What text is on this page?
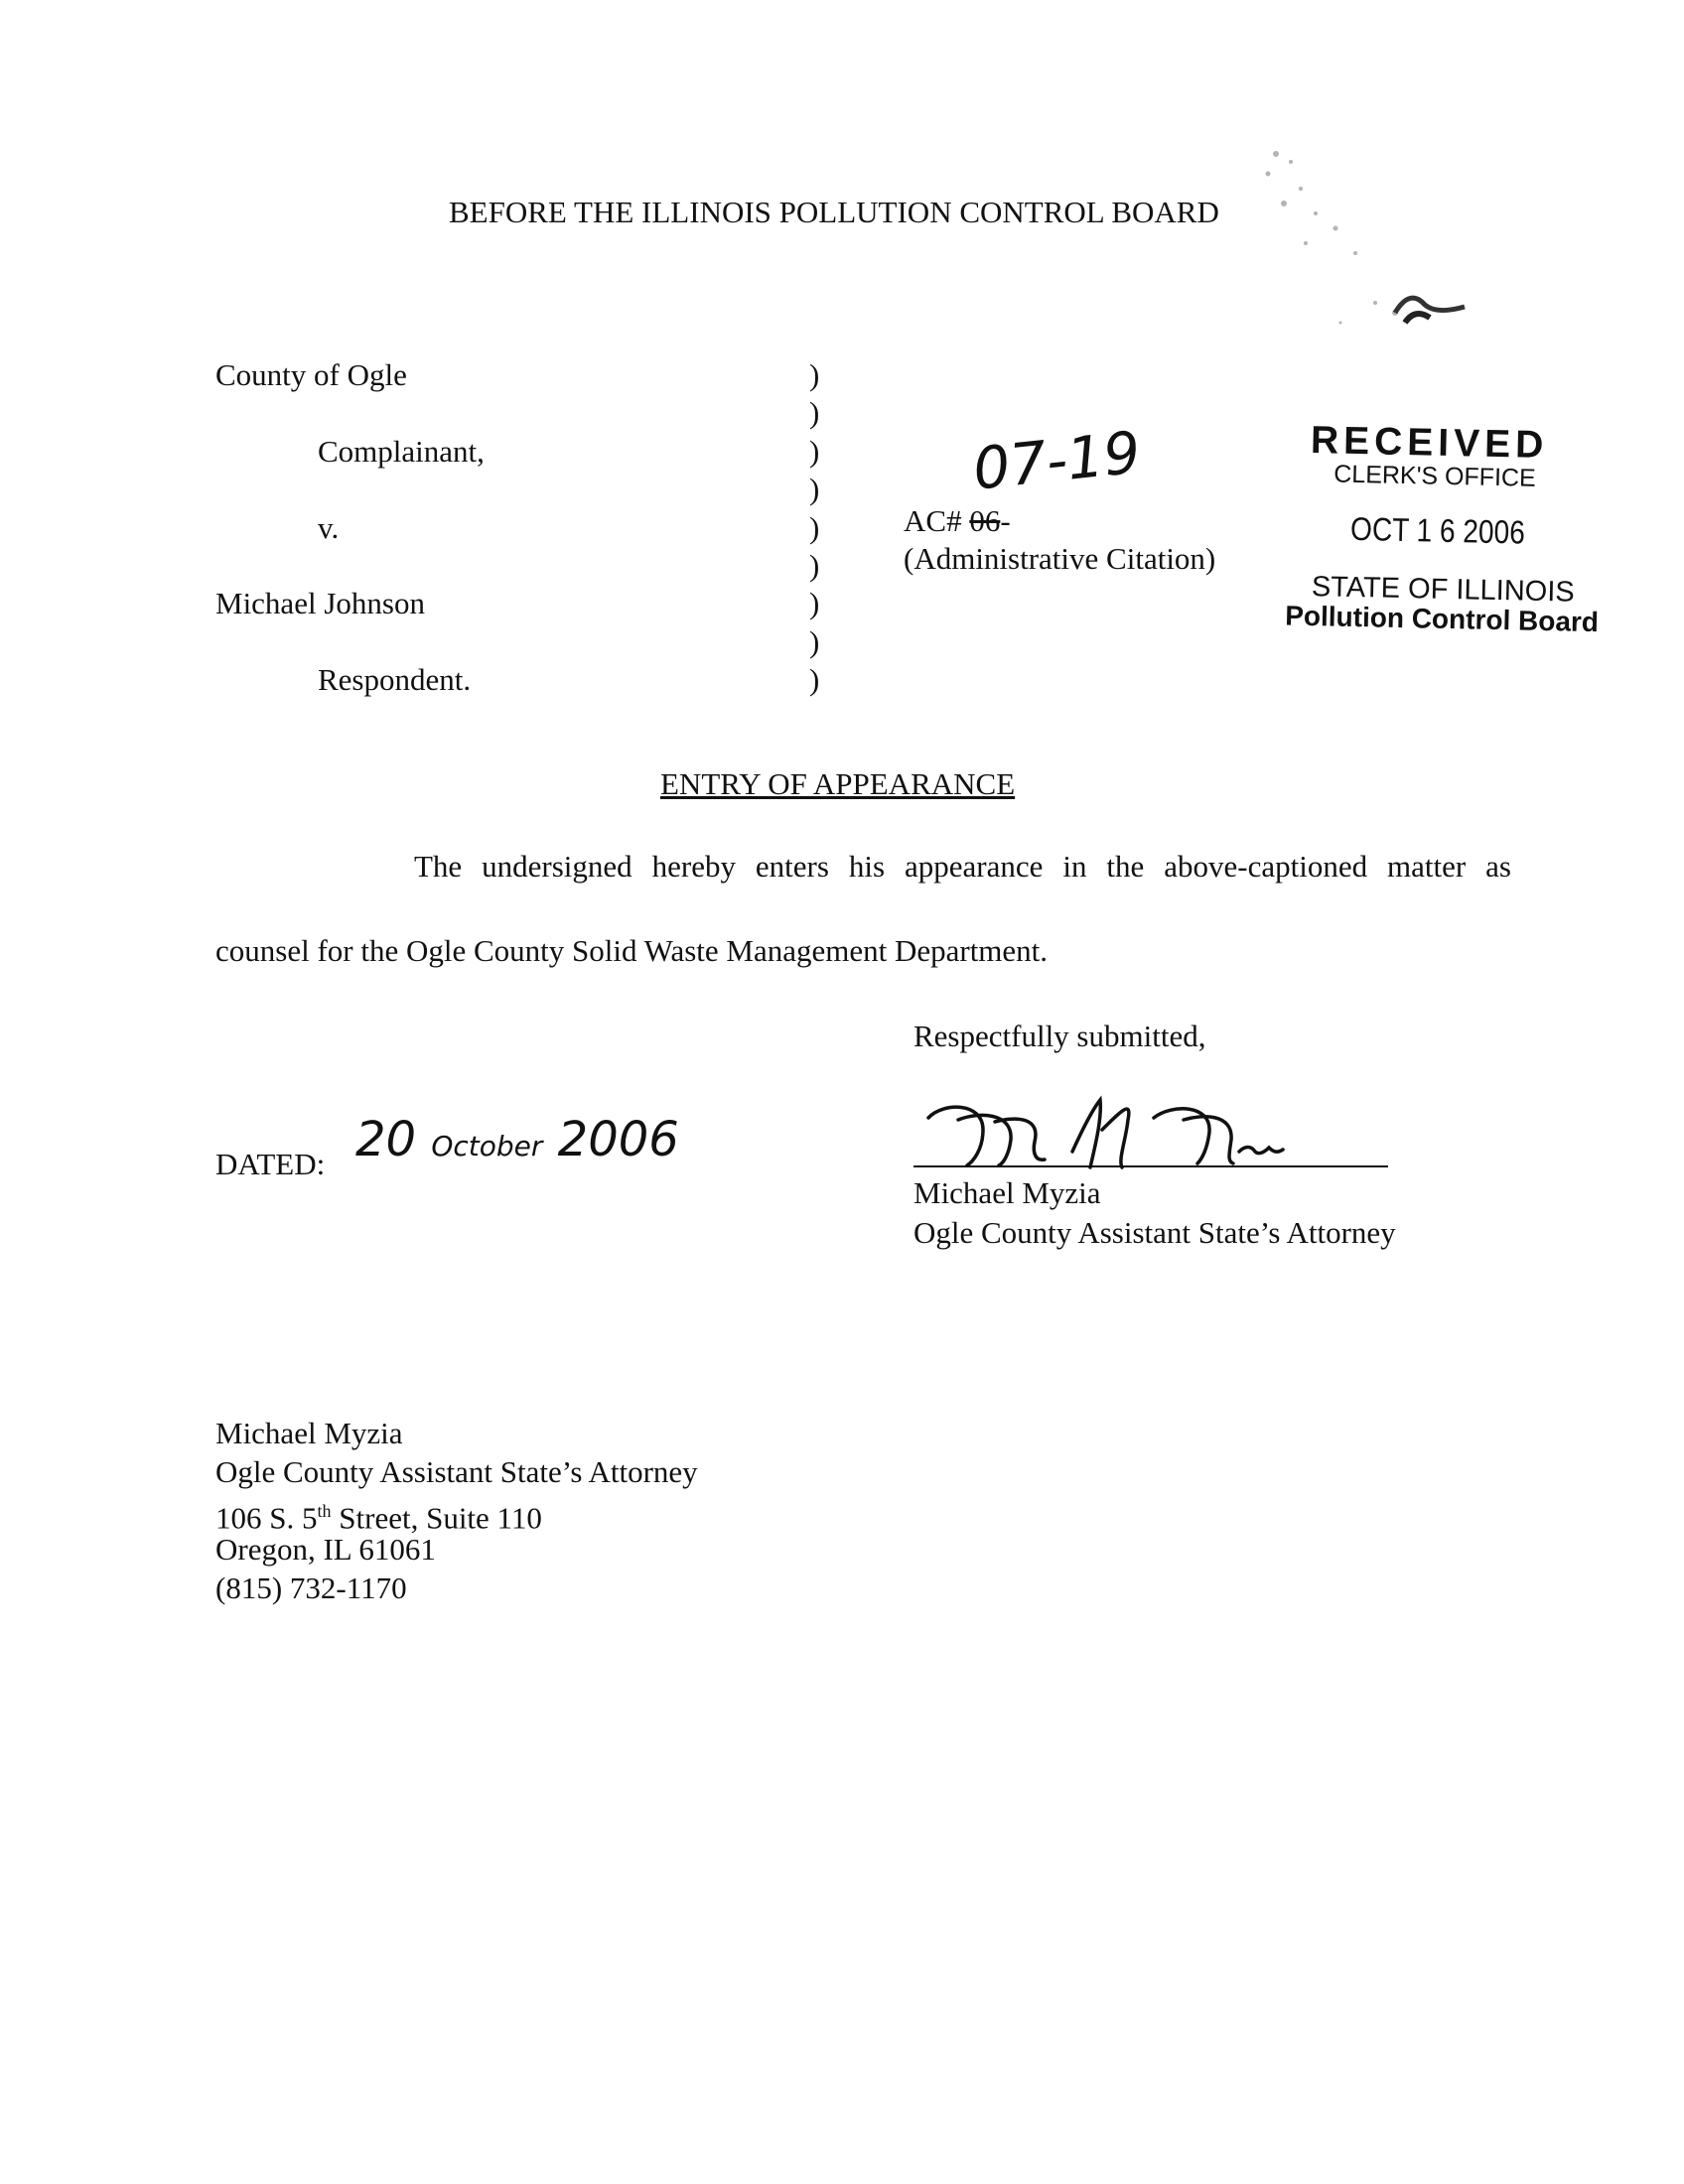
BEFORE THE ILLINOIS POLLUTION CONTROL BOARD
County of Ogle
Complainant,
v.
Michael Johnson
Respondent.
)
)
)
)
)
)
)
)
)
07-19
AC# 06-
(Administrative Citation)
RECEIVED
CLERK'S OFFICE
OCT 1 6 2006
STATE OF ILLINOIS
Pollution Control Board
ENTRY OF APPEARANCE
The undersigned hereby enters his appearance in the above-captioned matter as
counsel for the Ogle County Solid Waste Management Department.
Respectfully submitted,
DATED: 20 October 2006
Michael Myzia
Ogle County Assistant State’s Attorney
Michael Myzia
Ogle County Assistant State’s Attorney
106 S. 5th Street, Suite 110
Oregon, IL 61061
(815) 732-1170
